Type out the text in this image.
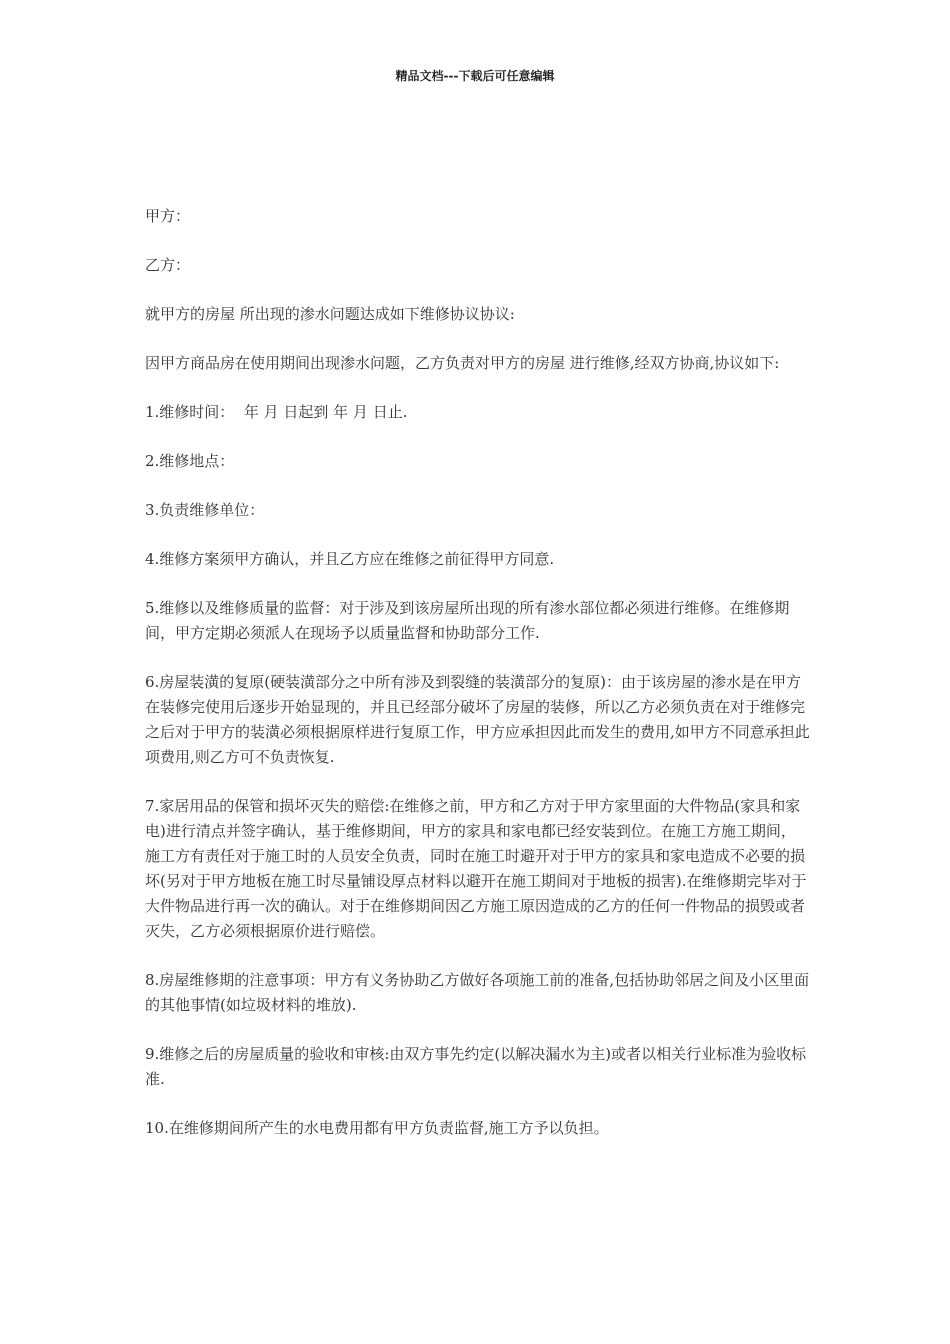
精品文档---下载后可任意编辑

甲方：

乙方：

就甲方的房屋 所出现的渗水问题达成如下维修协议协议:

因甲方商品房在使用期间出现渗水问题，乙方负责对甲方的房屋 进行维修,经双方协商,协议如下:

1.维修时间：  年 月 日起到 年 月 日止.

2.维修地点：

3.负责维修单位：

4.维修方案须甲方确认，并且乙方应在维修之前征得甲方同意.

5.维修以及维修质量的监督：对于涉及到该房屋所出现的所有渗水部位都必须进行维修。在维修期间，甲方定期必须派人在现场予以质量监督和协助部分工作.

6.房屋装潢的复原(硬装潢部分之中所有涉及到裂缝的装潢部分的复原)：由于该房屋的渗水是在甲方在装修完使用后逐步开始显现的，并且已经部分破坏了房屋的装修，所以乙方必须负责在对于维修完之后对于甲方的装潢必须根据原样进行复原工作，甲方应承担因此而发生的费用,如甲方不同意承担此项费用,则乙方可不负责恢复.

7.家居用品的保管和损坏灭失的赔偿:在维修之前，甲方和乙方对于甲方家里面的大件物品(家具和家电)进行清点并签字确认，基于维修期间，甲方的家具和家电都已经安装到位。在施工方施工期间，施工方有责任对于施工时的人员安全负责，同时在施工时避开对于甲方的家具和家电造成不必要的损坏(另对于甲方地板在施工时尽量铺设厚点材料以避开在施工期间对于地板的损害).在维修期完毕对于大件物品进行再一次的确认。对于在维修期间因乙方施工原因造成的乙方的任何一件物品的损毁或者灭失，乙方必须根据原价进行赔偿。

8.房屋维修期的注意事项：甲方有义务协助乙方做好各项施工前的准备,包括协助邻居之间及小区里面的其他事情(如垃圾材料的堆放).

9.维修之后的房屋质量的验收和审核:由双方事先约定(以解决漏水为主)或者以相关行业标准为验收标准.

10.在维修期间所产生的水电费用都有甲方负责监督,施工方予以负担。
